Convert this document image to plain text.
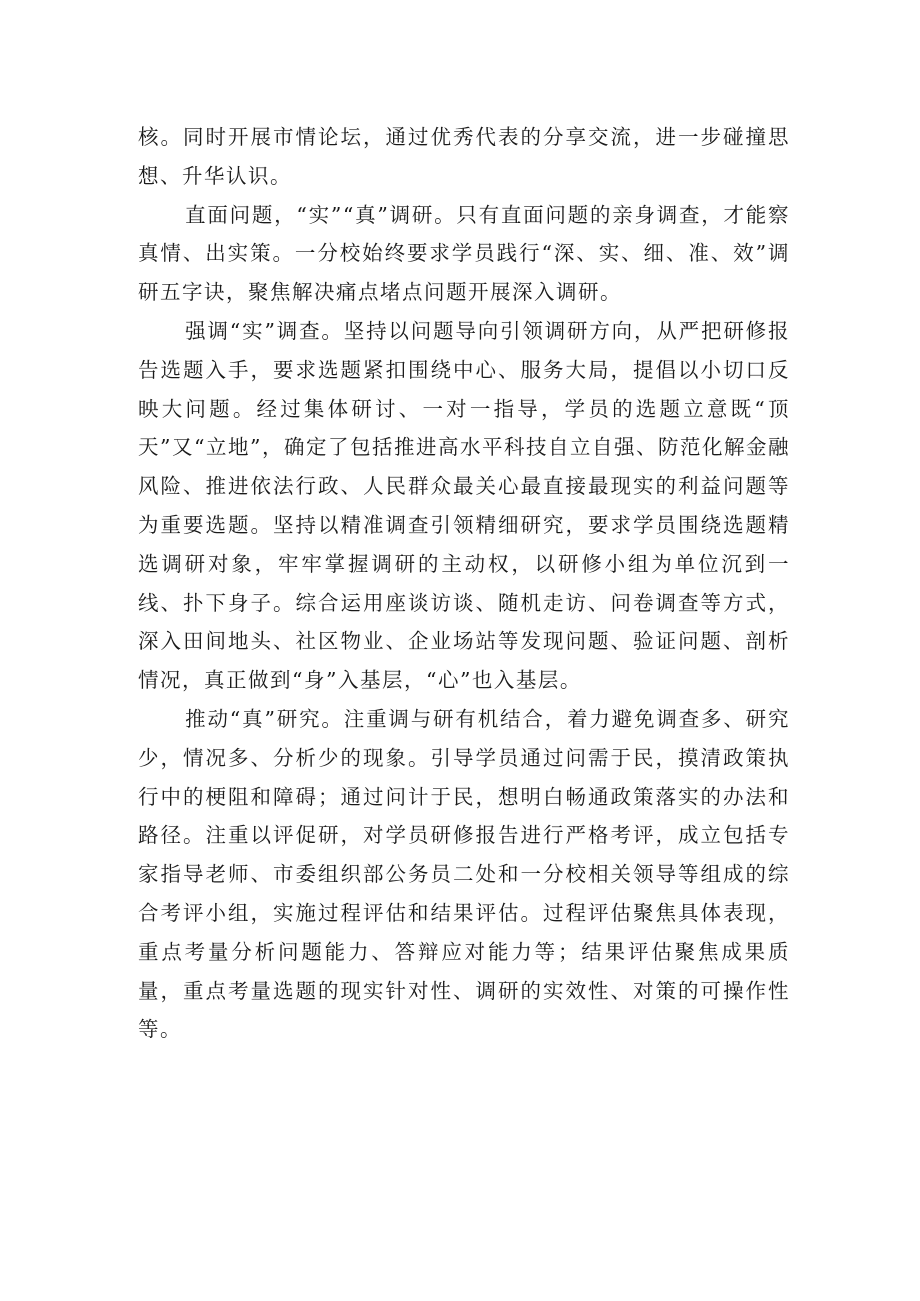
核。同时开展市情论坛，通过优秀代表的分享交流，进一步碰撞思想、升华认识。

直面问题，“实”“真”调研。只有直面问题的亲身调查，才能察真情、出实策。一分校始终要求学员践行“深、实、细、准、效”调研五字诀，聚焦解决痛点堵点问题开展深入调研。

强调“实”调查。坚持以问题导向引领调研方向，从严把研修报告选题入手，要求选题紧扣围绕中心、服务大局，提倡以小切口反映大问题。经过集体研讨、一对一指导，学员的选题立意既“顶天”又“立地”，确定了包括推进高水平科技自立自强、防范化解金融风险、推进依法行政、人民群众最关心最直接最现实的利益问题等为重要选题。坚持以精准调查引领精细研究，要求学员围绕选题精选调研对象，牢牢掌握调研的主动权，以研修小组为单位沉到一线、扑下身子。综合运用座谈访谈、随机走访、问卷调查等方式，深入田间地头、社区物业、企业场站等发现问题、验证问题、剖析情况，真正做到“身”入基层，“心”也入基层。

推动“真”研究。注重调与研有机结合，着力避免调查多、研究少，情况多、分析少的现象。引导学员通过问需于民，摸清政策执行中的梗阻和障碍；通过问计于民，想明白畅通政策落实的办法和路径。注重以评促研，对学员研修报告进行严格考评，成立包括专家指导老师、市委组织部公务员二处和一分校相关领导等组成的综合考评小组，实施过程评估和结果评估。过程评估聚焦具体表现，重点考量分析问题能力、答辩应对能力等；结果评估聚焦成果质量，重点考量选题的现实针对性、调研的实效性、对策的可操作性等。
